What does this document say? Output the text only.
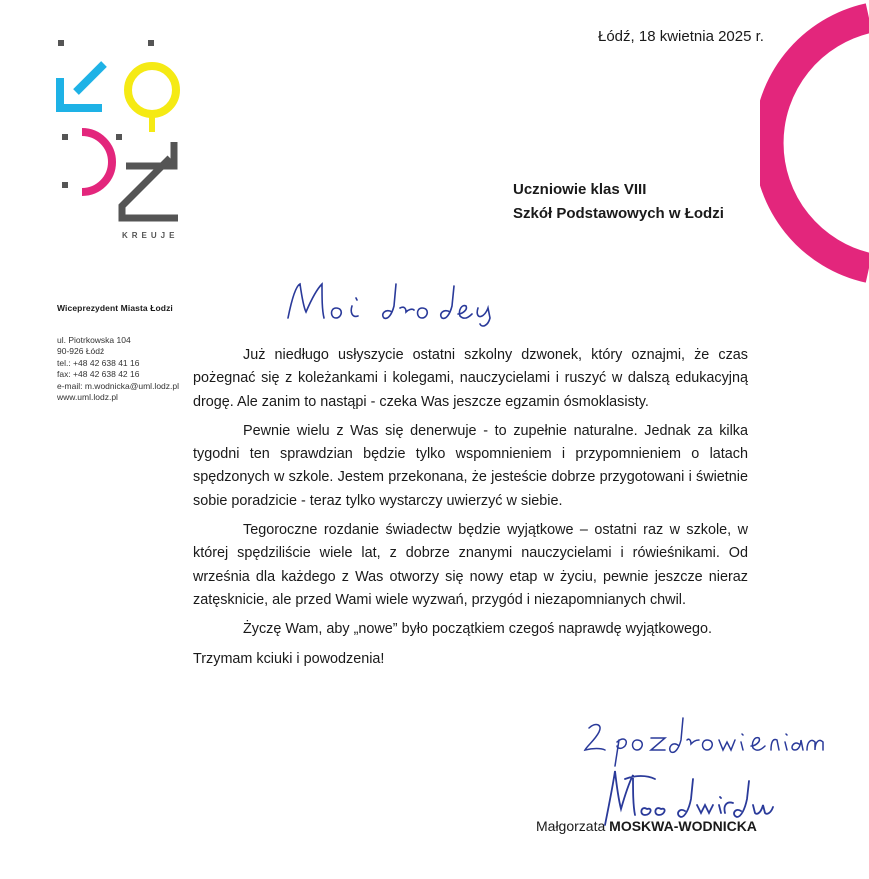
KREUJE
Łódź, 18 kwietnia 2025 r.
Uczniowie klas VIII
Szkół Podstawowych w Łodzi
Wiceprezydent Miasta Łodzi
ul. Piotrkowska 104
90-926 Łódź
tel.: +48 42 638 41 16
fax: +48 42 638 42 16
e-mail: m.wodnicka@uml.lodz.pl
www.uml.lodz.pl

Już niedługo usłyszycie ostatni szkolny dzwonek, który oznajmi, że czas pożegnać się z koleżankami i kolegami, nauczycielami i ruszyć w dalszą edukacyjną drogę. Ale zanim to nastąpi - czeka Was jeszcze egzamin ósmoklasisty.

Pewnie wielu z Was się denerwuje - to zupełnie naturalne. Jednak za kilka tygodni ten sprawdzian będzie tylko wspomnieniem i przypomnieniem o latach spędzonych w szkole. Jestem przekonana, że jesteście dobrze przygotowani i świetnie sobie poradzicie - teraz tylko wystarczy uwierzyć w siebie.

Tegoroczne rozdanie świadectw będzie wyjątkowe – ostatni raz w szkole, w której spędziliście wiele lat, z dobrze znanymi nauczycielami i rówieśnikami. Od września dla każdego z Was otworzy się nowy etap w życiu, pewnie jeszcze nieraz zatęsknicie, ale przed Wami wiele wyzwań, przygód i niezapomnianych chwil.

Życzę Wam, aby „nowe” było początkiem czegoś naprawdę wyjątkowego.

Trzymam kciuki i powodzenia!

Małgorzata MOSKWA-WODNICKA
